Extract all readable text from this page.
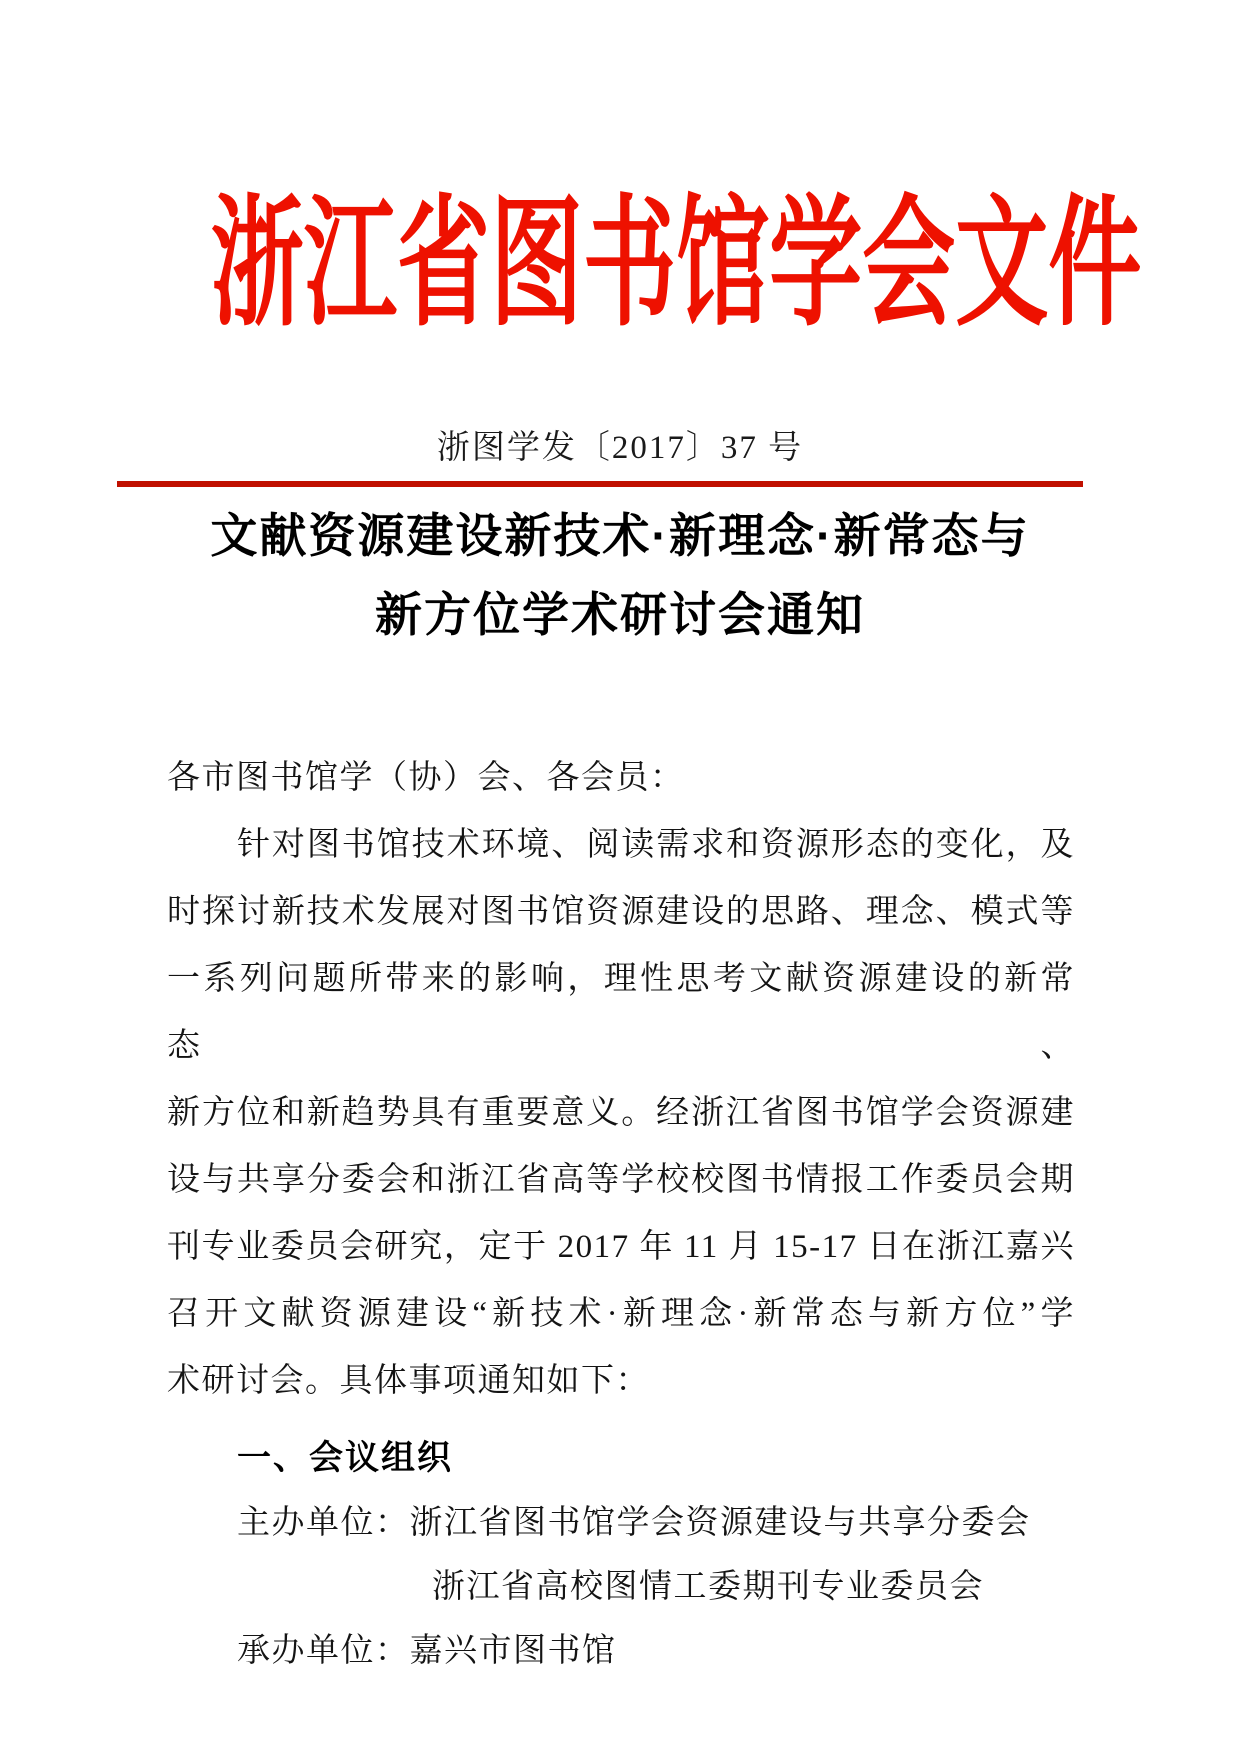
浙江省图书馆学会文件
浙图学发〔2017〕37 号
文献资源建设新技术·新理念·新常态与
新方位学术研讨会通知
各市图书馆学（协）会、各会员：
针对图书馆技术环境、阅读需求和资源形态的变化，及
时探讨新技术发展对图书馆资源建设的思路、理念、模式等
一系列问题所带来的影响，理性思考文献资源建设的新常态、
新方位和新趋势具有重要意义。经浙江省图书馆学会资源建
设与共享分委会和浙江省高等学校校图书情报工作委员会期
刊专业委员会研究，定于 2017 年 11 月 15-17 日在浙江嘉兴
召开文献资源建设“新技术·新理念·新常态与新方位”学
术研讨会。具体事项通知如下：
一、会议组织
主办单位：浙江省图书馆学会资源建设与共享分委会
浙江省高校图情工委期刊专业委员会
承办单位：嘉兴市图书馆
